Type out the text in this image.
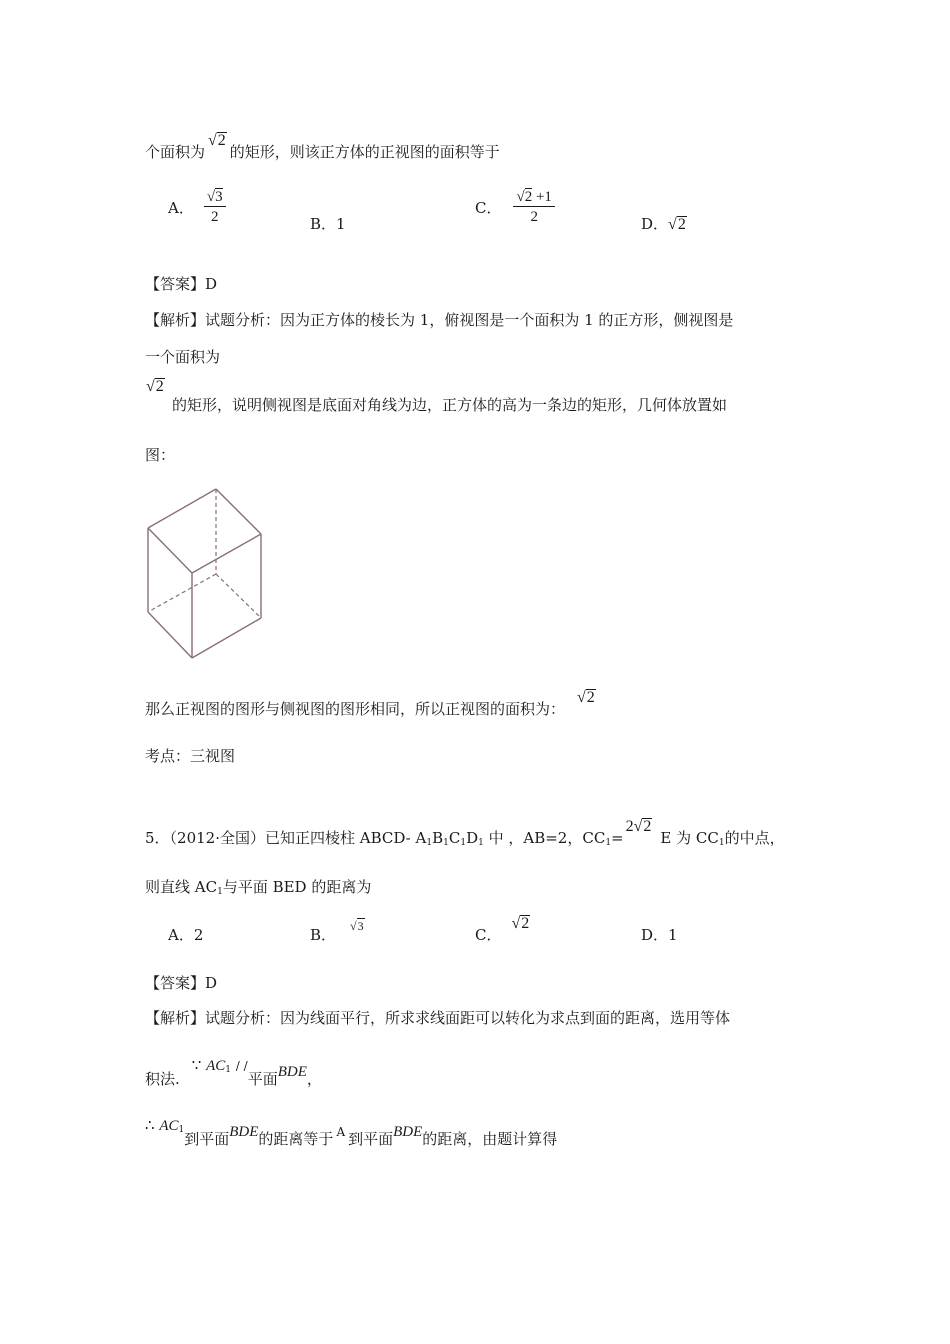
个面积为√2的矩形，则该正方体的正视图的面积等于
A． $\frac{√3}{2}$	B．1
C． $\frac{√2 +1}{2}$	D．√2
【答案】D
【解析】试题分析：因为正方体的棱长为 1，俯视图是一个面积为 1 的正方形，侧视图是
一个面积为
√2
的矩形，说明侧视图是底面对角线为边，正方体的高为一条边的矩形，几何体放置如
图：
那么正视图的图形与侧视图的图形相同，所以正视图的面积为：√2
考点：三视图
5．（2012·全国）已知正四棱柱 ABCD- $A_1B_1C_1D_1$ 中 ，AB=2，$CC_1=2√2E$ 为 $CC_1$的中点，
则直线 $AC_1$与平面 BED 的距离为
A．2	B． $^{√3}$	C．√2
D．1
【答案】D
【解析】试题分析：因为线面平行，所求求线面距可以转化为求点到面的距离，选用等体
积法.∵ $AC_1$ / /平面BDE，
∴ $AC_1$到平面BDE的距离等于 $^A$ 到平面BDE的距离，由题计算得
